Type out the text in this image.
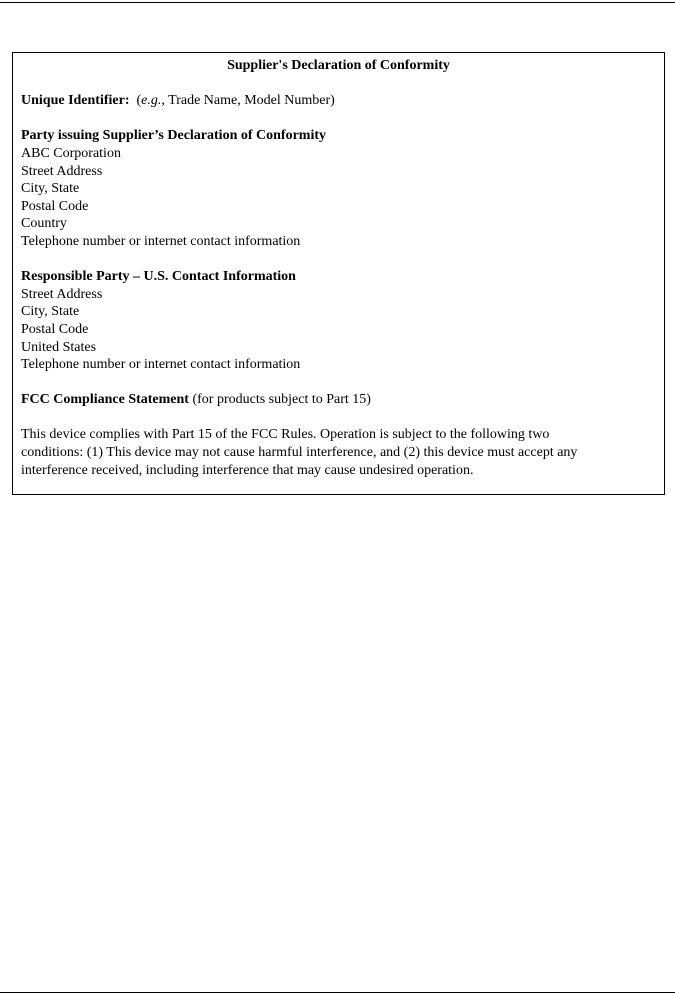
Supplier's Declaration of Conformity

Unique Identifier: (e.g., Trade Name, Model Number)
Party issuing Supplier’s Declaration of Conformity
ABC Corporation
Street Address
City, State
Postal Code
Country
Telephone number or internet contact information
Responsible Party – U.S. Contact Information
Street Address
City, State
Postal Code
United States
Telephone number or internet contact information
FCC Compliance Statement (for products subject to Part 15)
This device complies with Part 15 of the FCC Rules. Operation is subject to the following two
conditions: (1) This device may not cause harmful interference, and (2) this device must accept any
interference received, including interference that may cause undesired operation.
